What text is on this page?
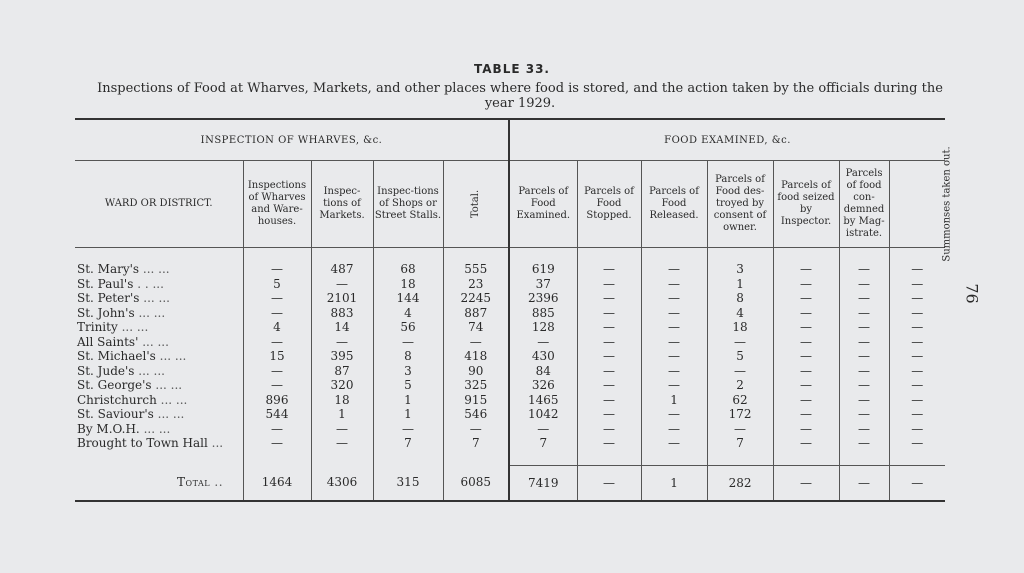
TABLE 33.
Inspections of Food at Wharves, Markets, and other places where food is stored, and the action taken by the officials during the year 1929.
76
INSPECTION OF WHARVES, &c.					FOOD EXAMINED, &c.						
WARD OR DISTRICT.	Inspections of Wharves and Ware-houses.	Inspec-tions of Markets.	Inspec-tions of Shops or Street Stalls.	Total.	Parcels of Food Examined.	Parcels of Food Stopped.	Parcels of Food Released.	Parcels of Food des-troyed by consent of owner.	Parcels of food seized by Inspector.	Parcels of food con-demned by Mag-istrate.	Summonses taken out.

St. Mary's ... ...	—	487	68	555	619	—	—	3	—	—	—
St. Paul's . . ...	5	—	18	23	37	—	—	1	—	—	—
St. Peter's ... ...	—	2101	144	2245	2396	—	—	8	—	—	—
St. John's ... ...	—	883	4	887	885	—	—	4	—	—	—
Trinity ... ...	4	14	56	74	128	—	—	18	—	—	—
All Saints' ... ...	—	—	—	—	—	—	—	—	—	—	—
St. Michael's ... ...	15	395	8	418	430	—	—	5	—	—	—
St. Jude's ... ...	—	87	3	90	84	—	—	—	—	—	—
St. George's ... ...	—	320	5	325	326	—	—	2	—	—	—
Christchurch ... ...	896	18	1	915	1465	—	1	62	—	—	—
St. Saviour's ... ...	544	1	1	546	1042	—	—	172	—	—	—
By M.O.H. ... ...	—	—	—	—	—	—	—	—	—	—	—
Brought to Town Hall ...	—	—	7	7	7	—	—	7	—	—	—

Total ..	1464	4306	315	6085	7419	—	1	282	—	—	—
